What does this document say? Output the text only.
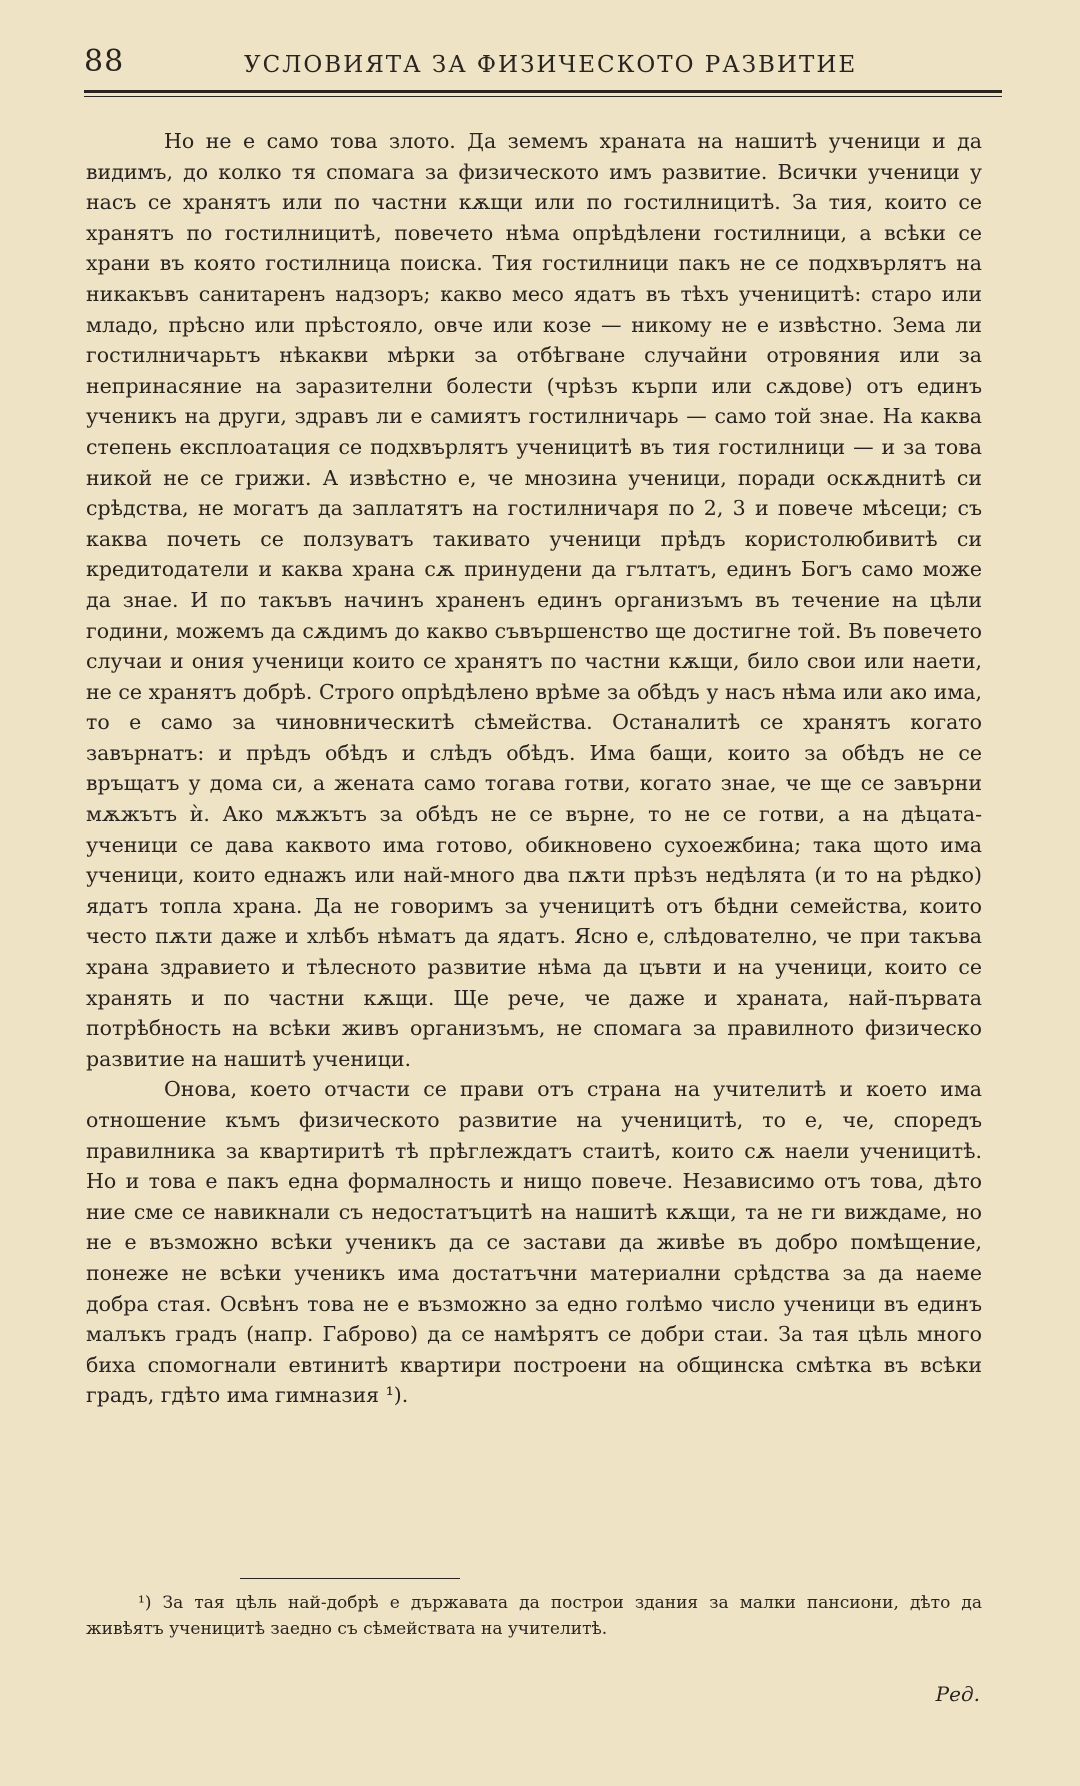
88	УСЛОВИЯТА ЗА ФИЗИЧЕСКОТО РАЗВИТИЕ

Но не е само това злото. Да земемъ храната на нашитѣ ученици и да видимъ, до колко тя спомага за физическото имъ развитие. Всички ученици у насъ се хранятъ или по частни кѫщи или по гостилницитѣ. За тия, които се хранятъ по гостилницитѣ, повечето нѣма опрѣдѣлени гостилници, а всѣки се храни въ която гостилница поиска. Тия гостилници пакъ не се подхвърлятъ на никакъвъ санитаренъ надзоръ; какво месо ядатъ въ тѣхъ ученицитѣ: старо или младо, прѣсно или прѣстояло, овче или козе — никому не е извѣстно. Зема ли гостилничарьтъ нѣкакви мѣрки за отбѣгване случайни отровяния или за непринасяние на заразителни болести (чрѣзъ кърпи или сѫдове) отъ единъ ученикъ на други, здравъ ли е самиятъ гостилничарь — само той знае. На каква степень експлоатация се подхвърлятъ ученицитѣ въ тия гостилници — и за това никой не се грижи. А извѣстно е, че мнозина ученици, поради оскѫднитѣ си срѣдства, не могатъ да заплатятъ на гостилничаря по 2, 3 и повече мѣсеци; съ каква почеть се ползуватъ такивато ученици прѣдъ користолюбивитѣ си кредитодатели и каква храна сѫ принудени да гълтатъ, единъ Богъ само може да знае. И по такъвъ начинъ храненъ единъ организъмъ въ течение на цѣли години, можемъ да сѫдимъ до какво съвършенство ще достигне той. Въ повечето случаи и ония ученици които се хранятъ по частни кѫщи, било свои или наети, не се хранятъ добрѣ. Строго опрѣдѣлено врѣме за обѣдъ у насъ нѣма или ако има, то е само за чиновническитѣ сѣмейства. Останалитѣ се хранятъ когато завърнатъ: и прѣдъ обѣдъ и слѣдъ обѣдъ. Има бащи, които за обѣдъ не се връщатъ у дома си, а жената само тогава готви, когато знае, че ще се завърни мѫжътъ ѝ. Ако мѫжътъ за обѣдъ не се върне, то не се готви, а на дѣцата-ученици се дава каквото има готово, обикновено сухоежбина; така щото има ученици, които еднажъ или най-много два пѫти прѣзъ недѣлята (и то на рѣдко) ядатъ топла храна. Да не говоримъ за ученицитѣ отъ бѣдни семейства, които често пѫти даже и хлѣбъ нѣматъ да ядатъ. Ясно е, слѣдователно, че при такъва храна здравието и тѣлесното развитие нѣма да цъвти и на ученици, които се хранять и по частни кѫщи. Ще рече, че даже и храната, най-първата потрѣбность на всѣки живъ организъмъ, не спомага за правилното физическо развитие на нашитѣ ученици.

Онова, което отчасти се прави отъ страна на учителитѣ и което има отношение къмъ физическото развитие на ученицитѣ, то е, че, споредъ правилника за квартиритѣ тѣ прѣглеждатъ стаитѣ, които сѫ наели ученицитѣ. Но и това е пакъ една формалность и нищо повече. Независимо отъ това, дѣто ние сме се навикнали съ недостатъцитѣ на нашитѣ кѫщи, та не ги виждаме, но не е възможно всѣки ученикъ да се застави да живѣе въ добро помѣщение, понеже не всѣки ученикъ има достатъчни материални срѣдства за да наеме добра стая. Освѣнъ това не е възможно за едно голѣмо число ученици въ единъ малъкъ градъ (напр. Габрово) да се намѣрятъ се добри стаи. За тая цѣль много биха спомогнали евтинитѣ квартири построени на общинска смѣтка въ всѣки градъ, гдѣто има гимназия ¹).

¹) За тая цѣль най-добрѣ е държавата да построи здания за малки пансиони, дѣто да живѣятъ ученицитѣ заедно съ сѣмействата на учителитѣ.
Ред.
